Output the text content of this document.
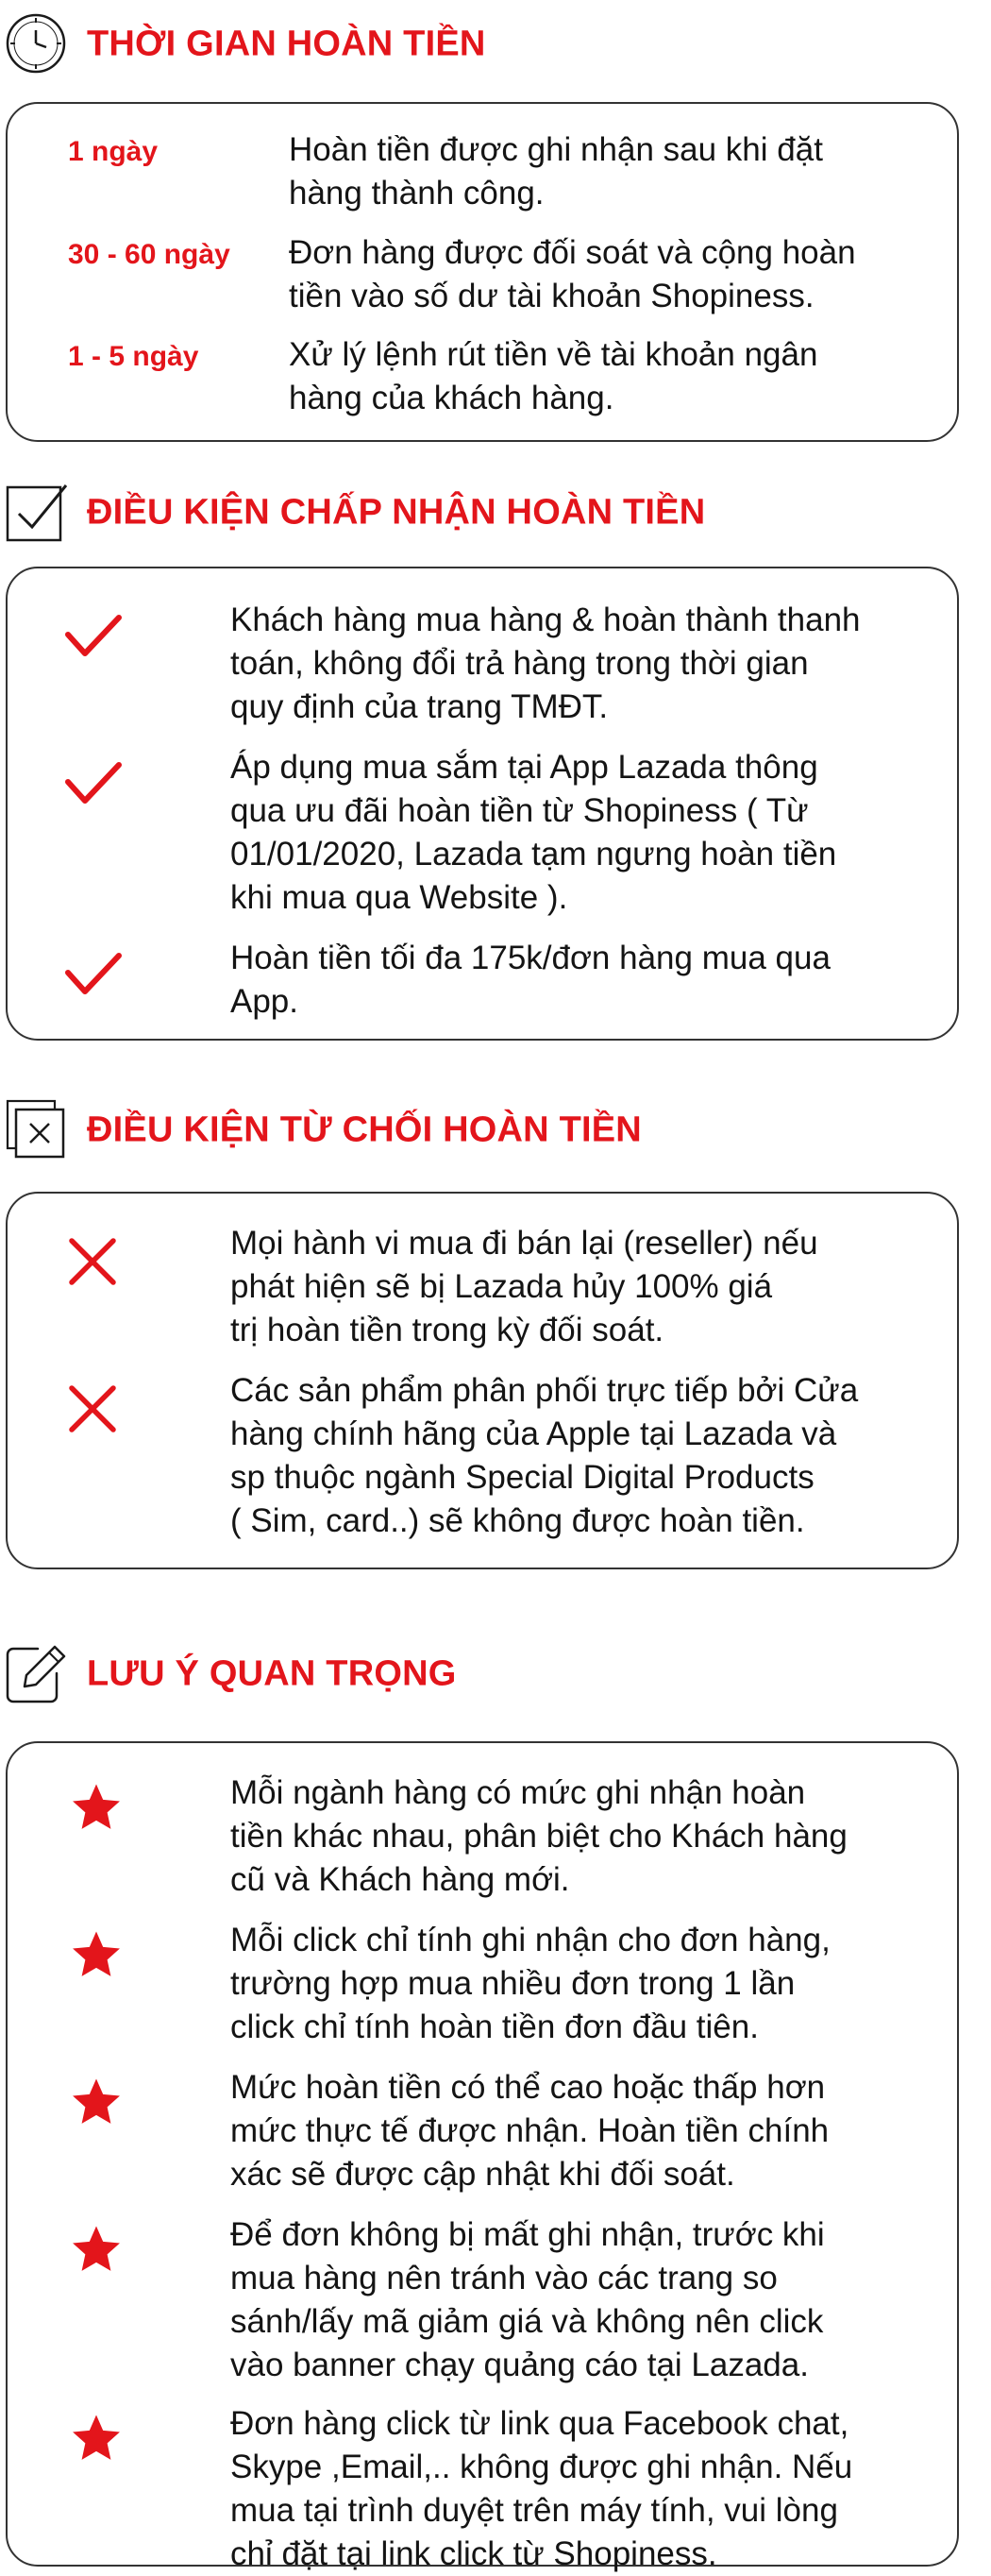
THỜI GIAN HOÀN TIỀN
1 ngày	Hoàn tiền được ghi nhận sau khi đặt
hàng thành công.
30 - 60 ngày Đơn hàng được đối soát và cộng hoàn
tiền vào số dư tài khoản Shopiness.
1 - 5 ngày	Xử lý lệnh rút tiền về tài khoản ngân
hàng của khách hàng.
ĐIỀU KIỆN CHẤP NHẬN HOÀN TIỀN
Khách hàng mua hàng & hoàn thành thanh
toán, không đổi trả hàng trong thời gian
quy định của trang TMĐT.
Áp dụng mua sắm tại App Lazada thông
qua ưu đãi hoàn tiền từ Shopiness ( Từ
01/01/2020, Lazada tạm ngưng hoàn tiền
khi mua qua Website ).
Hoàn tiền tối đa 175k/đơn hàng mua qua
App.
ĐIỀU KIỆN TỪ CHỐI HOÀN TIỀN
Mọi hành vi mua đi bán lại (reseller) nếu
phát hiện sẽ bị Lazada hủy 100% giá
trị hoàn tiền trong kỳ đối soát.
Các sản phẩm phân phối trực tiếp bởi Cửa
hàng chính hãng của Apple tại Lazada và
sp thuộc ngành Special Digital Products
( Sim, card..) sẽ không được hoàn tiền.
LƯU Ý QUAN TRỌNG
Mỗi ngành hàng có mức ghi nhận hoàn
tiền khác nhau, phân biệt cho Khách hàng
cũ và Khách hàng mới.
Mỗi click chỉ tính ghi nhận cho đơn hàng,
trường hợp mua nhiều đơn trong 1 lần
click chỉ tính hoàn tiền đơn đầu tiên.
Mức hoàn tiền có thể cao hoặc thấp hơn
mức thực tế được nhận. Hoàn tiền chính
xác sẽ được cập nhật khi đối soát.
Để đơn không bị mất ghi nhận, trước khi
mua hàng nên tránh vào các trang so
sánh/lấy mã giảm giá và không nên click
vào banner chạy quảng cáo tại Lazada.
Đơn hàng click từ link qua Facebook chat,
Skype ,Email,.. không được ghi nhận. Nếu
mua tại trình duyệt trên máy tính, vui lòng
chỉ đặt tại link click từ Shopiness.
